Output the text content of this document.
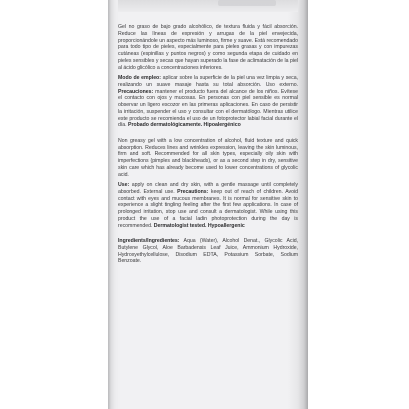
Gel no graso de bajo grado alcohólico, de textura fluida y fácil absorción. Reduce las líneas de expresión y arrugas de la piel envejecida, proporcionándole un aspecto más luminoso, firme y suave. Está recomendado para todo tipo de pieles, especialmente para pieles grasas y con impurezas cutáneas (espinillas y puntos negros) y como segunda etapa de cuidado en pieles sensibles y secas que hayan superado la fase de aclimatación de la piel al ácido glicólico a concentraciones inferiores.

Modo de empleo: aplicar sobre la superficie de la piel una vez limpia y seca, realizando un suave masaje hasta su total absorción. Uso externo. Precauciones: mantener el producto fuera del alcance de los niños. Evítese el contacto con ojos y mucosas. En personas con piel sensible es normal observar un ligero escozor en las primeras aplicaciones. En caso de persistir la irritación, suspender el uso y consultar con el dermatólogo. Mientras utilice este producto se recomienda el uso de un fotoprotector labial facial durante el día. Probado dermatológicamente. Hipoalergénico

Non greasy gel with a low concentration of alcohol, fluid texture and quick absorption. Reduces lines and wrinkles expression, leaving the skin luminous, firm and soft. Recommended for all skin types, especially oily skin with imperfections (pimples and blackheads), or as a second step in dry, sensitive skin care which has already become used to lower concentrations of glycolic acid.

Use: apply on clean and dry skin, with a gentle massage until completely absorbed. External use. Precautions: keep out of reach of children. Avoid contact with eyes and mucous membranes. It is normal for sensitive skin to experience a slight tingling feeling after the first few applications. In case of prolonged irritation, stop use and consult a dermatologist. While using this product the use of a facial ladin photoprotection during the day is recommended. Dermatologist tested. Hypoallergenic

Ingredients/Ingredientes: Aqua (Water), Alcohol Denat., Glycolic Acid, Butylene Glycol, Aloe Barbadensis Leaf Juice, Ammonium Hydroxide, Hydroxyethylcellulose, Disodium EDTA, Potassium Sorbate, Sodium Benzoate.
